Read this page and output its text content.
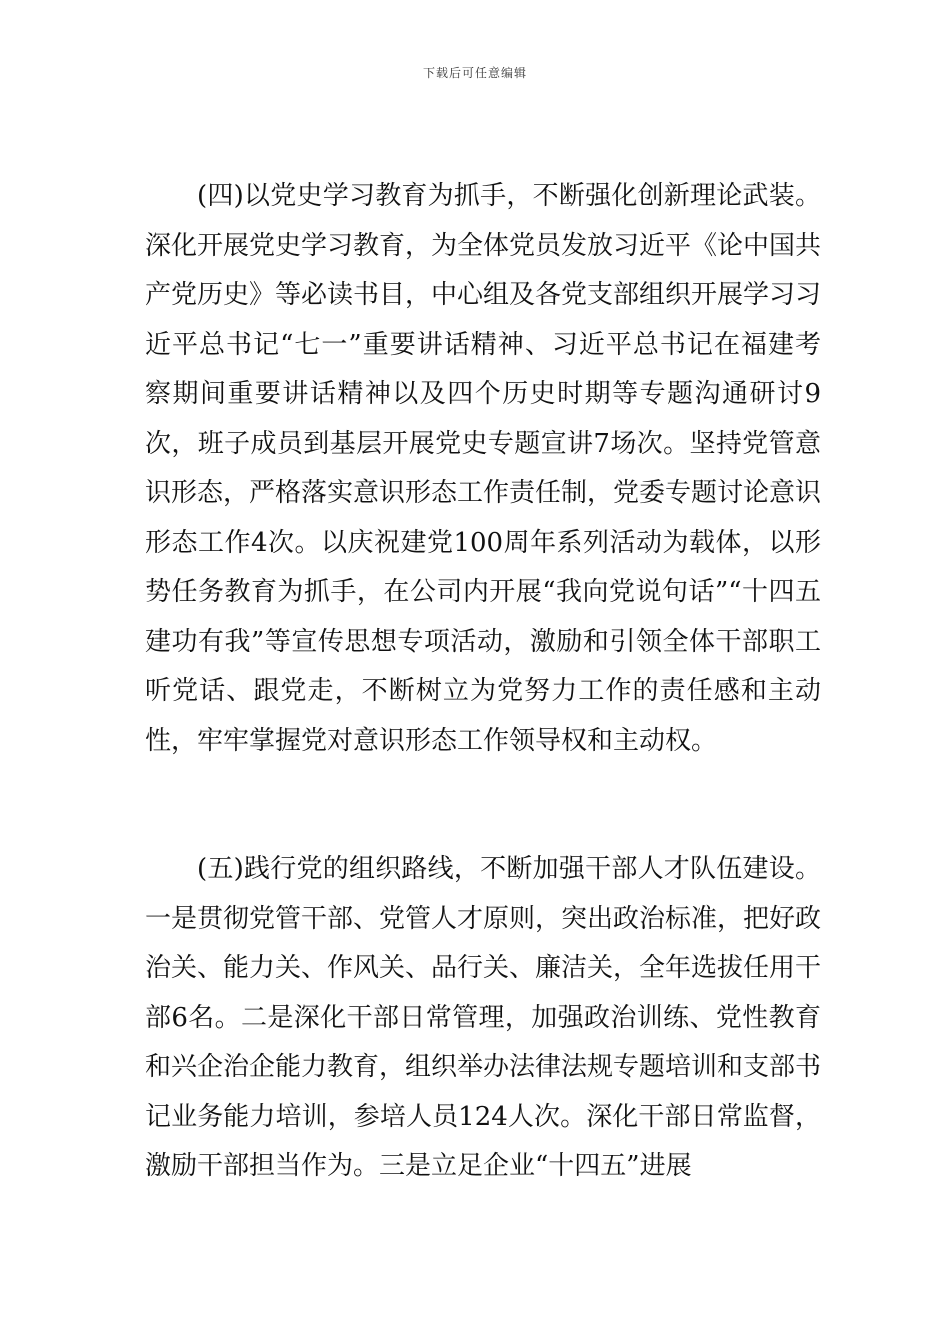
下载后可任意编辑

(四)以党史学习教育为抓手，不断强化创新理论武装。深化开展党史学习教育，为全体党员发放习近平《论中国共产党历史》等必读书目，中心组及各党支部组织开展学习习近平总书记“七一”重要讲话精神、习近平总书记在福建考察期间重要讲话精神以及四个历史时期等专题沟通研讨9次，班子成员到基层开展党史专题宣讲7场次。坚持党管意识形态，严格落实意识形态工作责任制，党委专题讨论意识形态工作4次。以庆祝建党100周年系列活动为载体，以形势任务教育为抓手，在公司内开展“我向党说句话”“十四五建功有我”等宣传思想专项活动，激励和引领全体干部职工听党话、跟党走，不断树立为党努力工作的责任感和主动性，牢牢掌握党对意识形态工作领导权和主动权。

(五)践行党的组织路线，不断加强干部人才队伍建设。一是贯彻党管干部、党管人才原则，突出政治标准，把好政治关、能力关、作风关、品行关、廉洁关，全年选拔任用干部6名。二是深化干部日常管理，加强政治训练、党性教育和兴企治企能力教育，组织举办法律法规专题培训和支部书记业务能力培训，参培人员124人次。深化干部日常监督，激励干部担当作为。三是立足企业“十四五”进展
